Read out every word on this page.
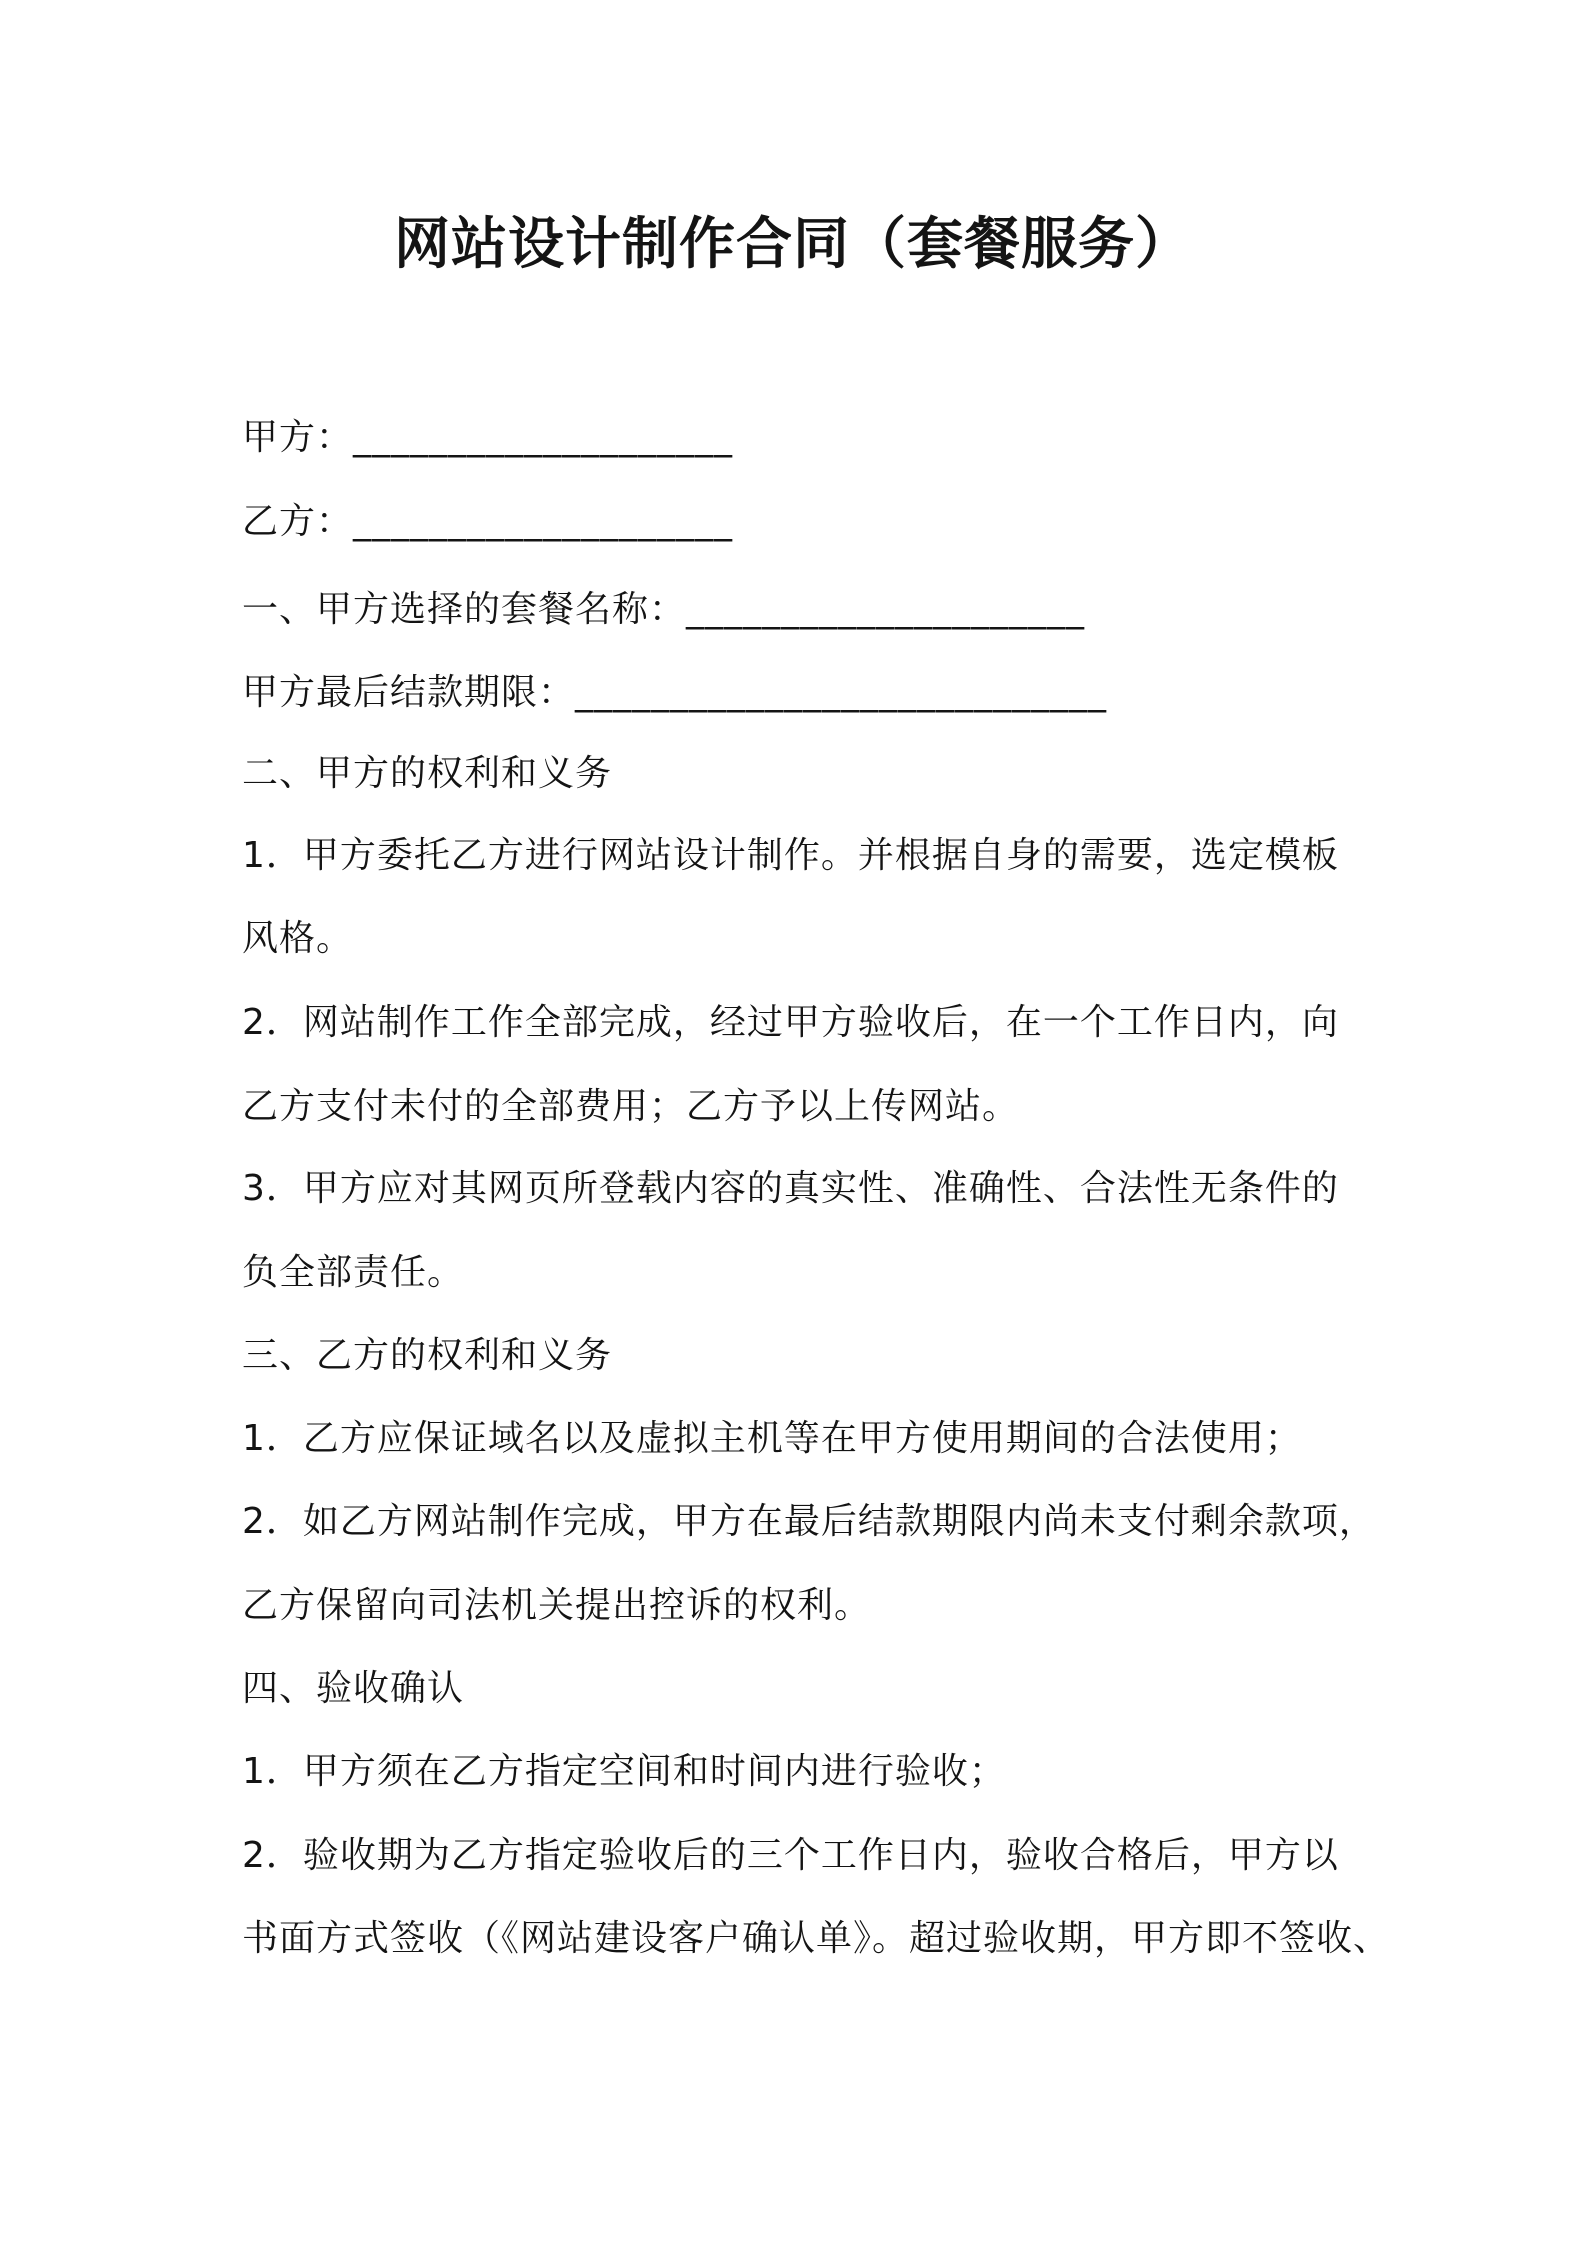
网站设计制作合同（套餐服务）
甲方：____________________
乙方：____________________
一、甲方选择的套餐名称：_____________________
甲方最后结款期限：____________________________
二、甲方的权利和义务
1．甲方委托乙方进行网站设计制作。并根据自身的需要，选定模板
风格。
2．网站制作工作全部完成，经过甲方验收后，在一个工作日内，向
乙方支付未付的全部费用；乙方予以上传网站。
3．甲方应对其网页所登载内容的真实性、准确性、合法性无条件的
负全部责任。
三、乙方的权利和义务
1．乙方应保证域名以及虚拟主机等在甲方使用期间的合法使用；
2．如乙方网站制作完成，甲方在最后结款期限内尚未支付剩余款项，
乙方保留向司法机关提出控诉的权利。
四、验收确认
1．甲方须在乙方指定空间和时间内进行验收；
2．验收期为乙方指定验收后的三个工作日内，验收合格后，甲方以
书面方式签收（《网站建设客户确认单》。超过验收期，甲方即不签收、
